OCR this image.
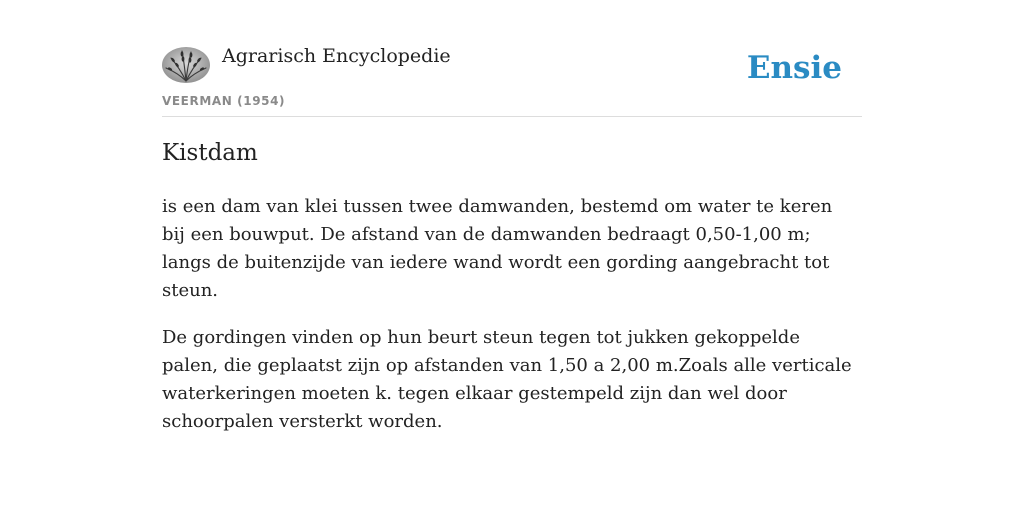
Agrarisch Encyclopedie
VEERMAN (1954)
Ensie
Kistdam

is een dam van klei tussen twee damwanden, bestemd om water te keren bij een bouwput. De afstand van de damwanden bedraagt 0,50-1,00 m; langs de buitenzijde van iedere wand wordt een gording aangebracht tot steun.

De gordingen vinden op hun beurt steun tegen tot jukken gekoppelde palen, die geplaatst zijn op afstanden van 1,50 a 2,00 m.Zoals alle verticale waterkeringen moeten k. tegen elkaar gestempeld zijn dan wel door schoorpalen versterkt worden.
